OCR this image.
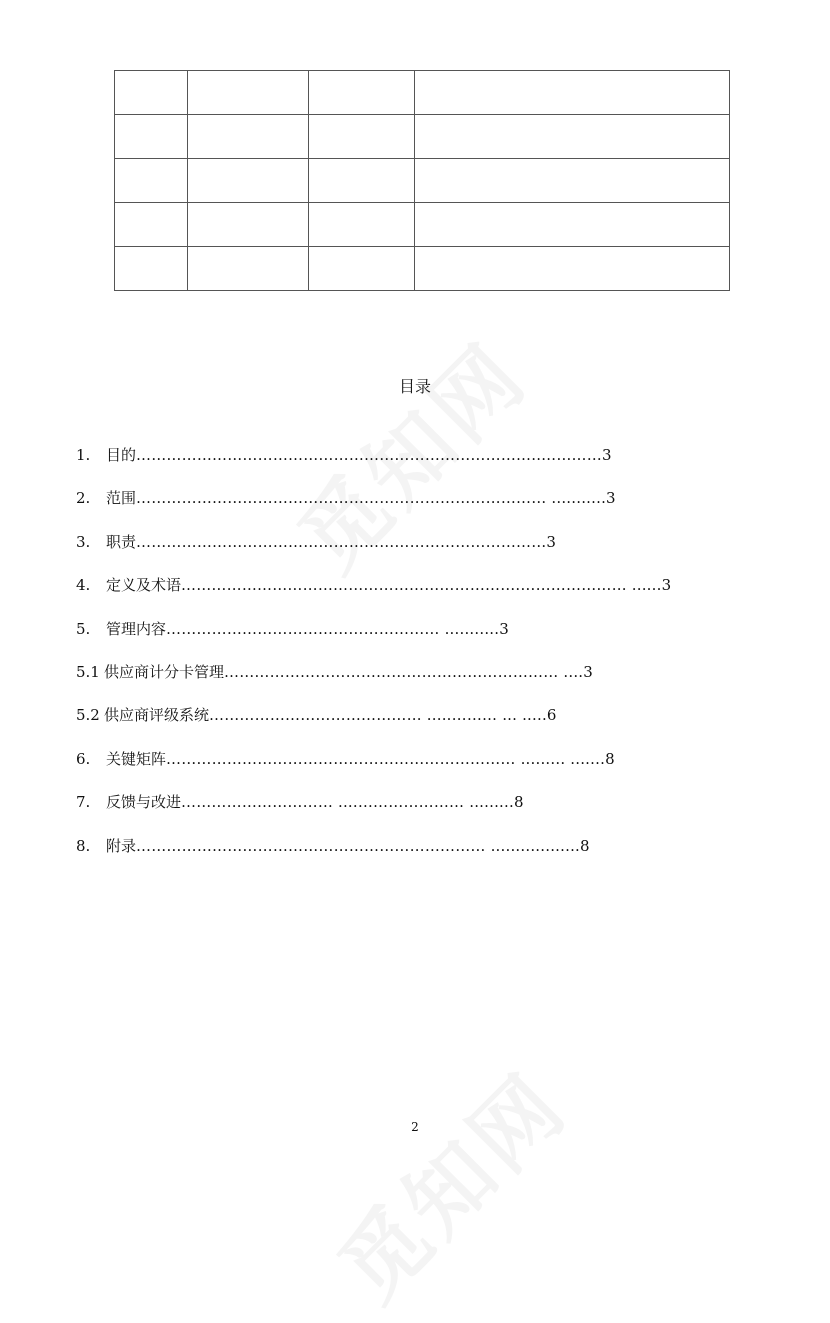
目录
1. 目的……………………………………………………………………..…………3
2. 范围……………………………………………………………………… ...........3
3. 职责………………………………………………………………………3
4. 定义及术语………………………………………………………….………………… ......3
5. 管理内容……………………………………………… ...........3
5.1 供应商计分卡管理………………………………………………………… ....3
5.2 供应商评级系统…………………………………… .....……… ... .....6
6. 关键矩阵…………………………………………………………… ......... .......8
7. 反馈与改进………………………… ....………………… .........8
8. 附录…………………………………………………………… ..................8
2
